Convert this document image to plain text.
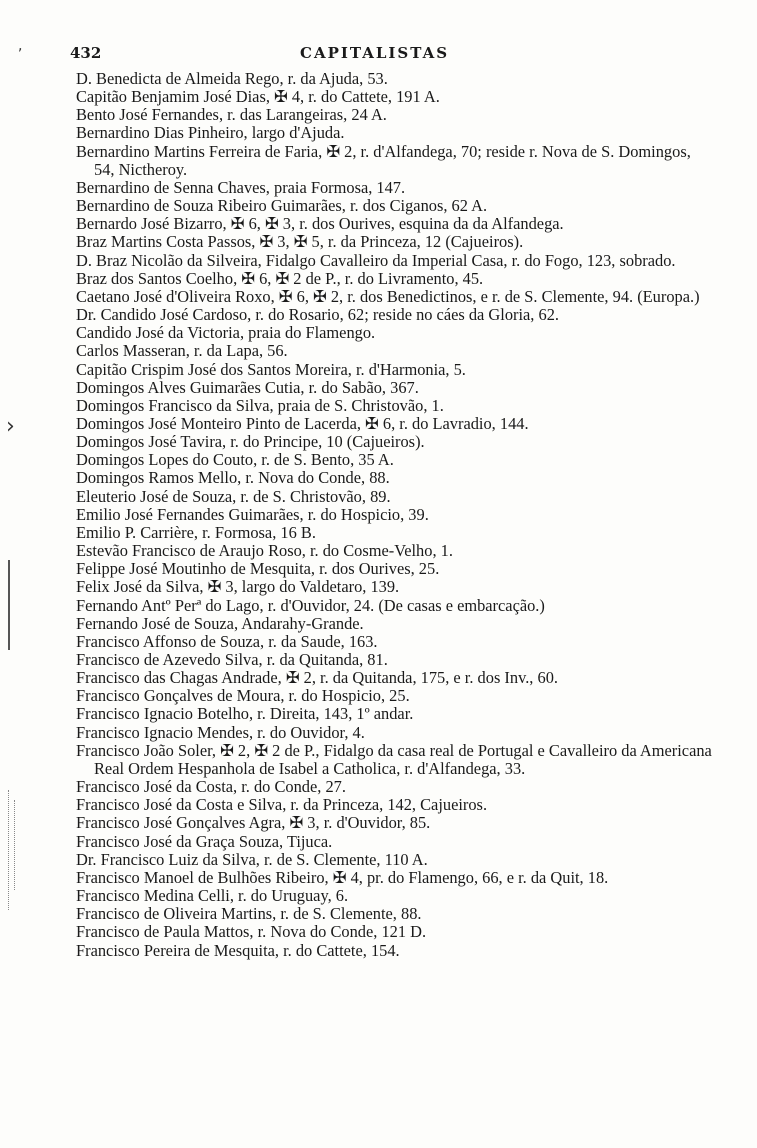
432	CAPITALISTAS
D. Benedicta de Almeida Rego, r. da Ajuda, 53.
Capitão Benjamim José Dias, ✠ 4, r. do Cattete, 191 A.
Bento José Fernandes, r. das Larangeiras, 24 A.
Bernardino Dias Pinheiro, largo d'Ajuda.
Bernardino Martins Ferreira de Faria, ✠ 2, r. d'Alfandega, 70; reside r. Nova de S. Domingos, 54, Nictheroy.
Bernardino de Senna Chaves, praia Formosa, 147.
Bernardino de Souza Ribeiro Guimarães, r. dos Ciganos, 62 A.
Bernardo José Bizarro, ✠ 6, ✠ 3, r. dos Ourives, esquina da da Alfandega.
Braz Martins Costa Passos, ✠ 3, ✠ 5, r. da Princeza, 12 (Cajueiros).
D. Braz Nicolão da Silveira, Fidalgo Cavalleiro da Imperial Casa, r. do Fogo, 123, sobrado.
Braz dos Santos Coelho, ✠ 6, ✠ 2 de P., r. do Livramento, 45.
Caetano José d'Oliveira Roxo, ✠ 6, ✠ 2, r. dos Benedictinos, e r. de S. Clemente, 94. (Europa.)
Dr. Candido José Cardoso, r. do Rosario, 62; reside no cáes da Gloria, 62.
Candido José da Victoria, praia do Flamengo.
Carlos Masseran, r. da Lapa, 56.
Capitão Crispim José dos Santos Moreira, r. d'Harmonia, 5.
Domingos Alves Guimarães Cutia, r. do Sabão, 367.
Domingos Francisco da Silva, praia de S. Christovão, 1.
Domingos José Monteiro Pinto de Lacerda, ✠ 6, r. do Lavradio, 144.
Domingos José Tavira, r. do Principe, 10 (Cajueiros).
Domingos Lopes do Couto, r. de S. Bento, 35 A.
Domingos Ramos Mello, r. Nova do Conde, 88.
Eleuterio José de Souza, r. de S. Christovão, 89.
Emilio José Fernandes Guimarães, r. do Hospicio, 39.
Emilio P. Carrière, r. Formosa, 16 B.
Estevão Francisco de Araujo Roso, r. do Cosme-Velho, 1.
Felippe José Moutinho de Mesquita, r. dos Ourives, 25.
Felix José da Silva, ✠ 3, largo do Valdetaro, 139.
Fernando Antº Perª do Lago, r. d'Ouvidor, 24. (De casas e embarcação.)
Fernando José de Souza, Andarahy-Grande.
Francisco Affonso de Souza, r. da Saude, 163.
Francisco de Azevedo Silva, r. da Quitanda, 81.
Francisco das Chagas Andrade, ✠ 2, r. da Quitanda, 175, e r. dos Inv., 60.
Francisco Gonçalves de Moura, r. do Hospicio, 25.
Francisco Ignacio Botelho, r. Direita, 143, 1º andar.
Francisco Ignacio Mendes, r. do Ouvidor, 4.
Francisco João Soler, ✠ 2, ✠ 2 de P., Fidalgo da casa real de Portugal e Cavalleiro da Americana Real Ordem Hespanhola de Isabel a Catholica, r. d'Alfandega, 33.
Francisco José da Costa, r. do Conde, 27.
Francisco José da Costa e Silva, r. da Princeza, 142, Cajueiros.
Francisco José Gonçalves Agra, ✠ 3, r. d'Ouvidor, 85.
Francisco José da Graça Souza, Tijuca.
Dr. Francisco Luiz da Silva, r. de S. Clemente, 110 A.
Francisco Manoel de Bulhões Ribeiro, ✠ 4, pr. do Flamengo, 66, e r. da Quit, 18.
Francisco Medina Celli, r. do Uruguay, 6.
Francisco de Oliveira Martins, r. de S. Clemente, 88.
Francisco de Paula Mattos, r. Nova do Conde, 121 D.
Francisco Pereira de Mesquita, r. do Cattete, 154.
,
›
